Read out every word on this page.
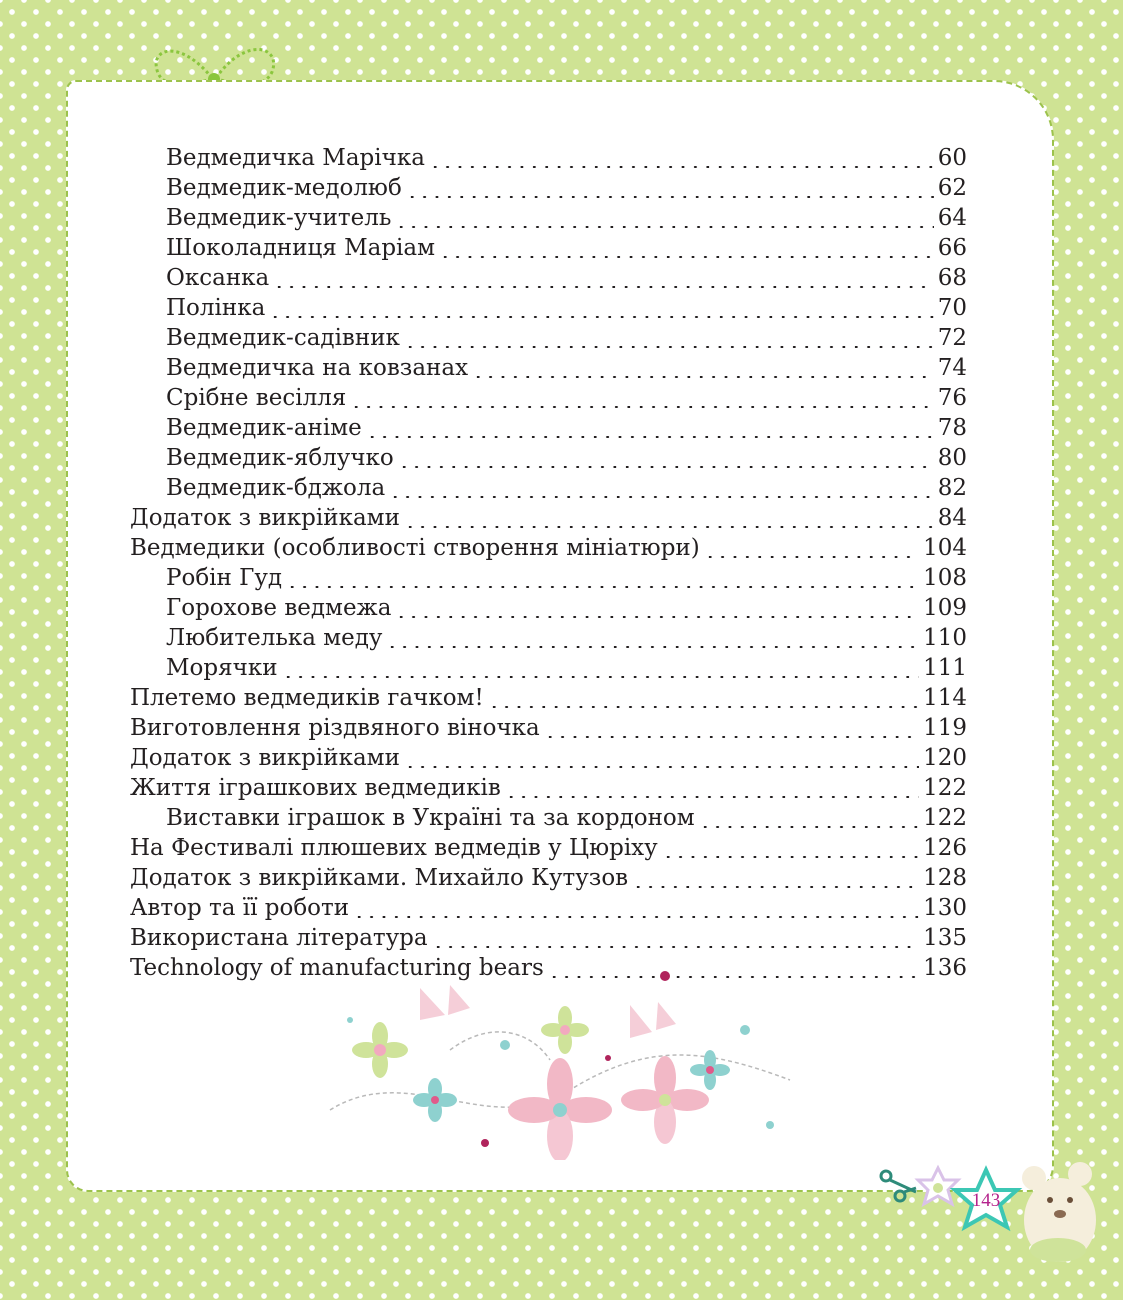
Ведмедичка Марічка	60
Ведмедик-медолюб	62
Ведмедик-учитель	64
Шоколадниця Маріам	66
Оксанка	68
Полінка	70
Ведмедик-садівник	72
Ведмедичка на ковзанах	74
Срібне весілля	76
Ведмедик-аніме	78
Ведмедик-яблучко	80
Ведмедик-бджола	82
Додаток з викрійками	84
Ведмедики (особливості створення мініатюри)	104
Робін Гуд	108
Горохове ведмежа	109
Любителька меду	110
Морячки	111
Плетемо ведмедиків гачком!	114
Виготовлення різдвяного віночка	119
Додаток з викрійками	120
Життя іграшкових ведмедиків	122
Виставки іграшок в Україні та за кордоном	122
На Фестивалі плюшевих ведмедів у Цюріху	126
Додаток з викрійками. Михайло Кутузов	128
Автор та її роботи	130
Використана література	135
Technology of manufacturing bears	136
143
